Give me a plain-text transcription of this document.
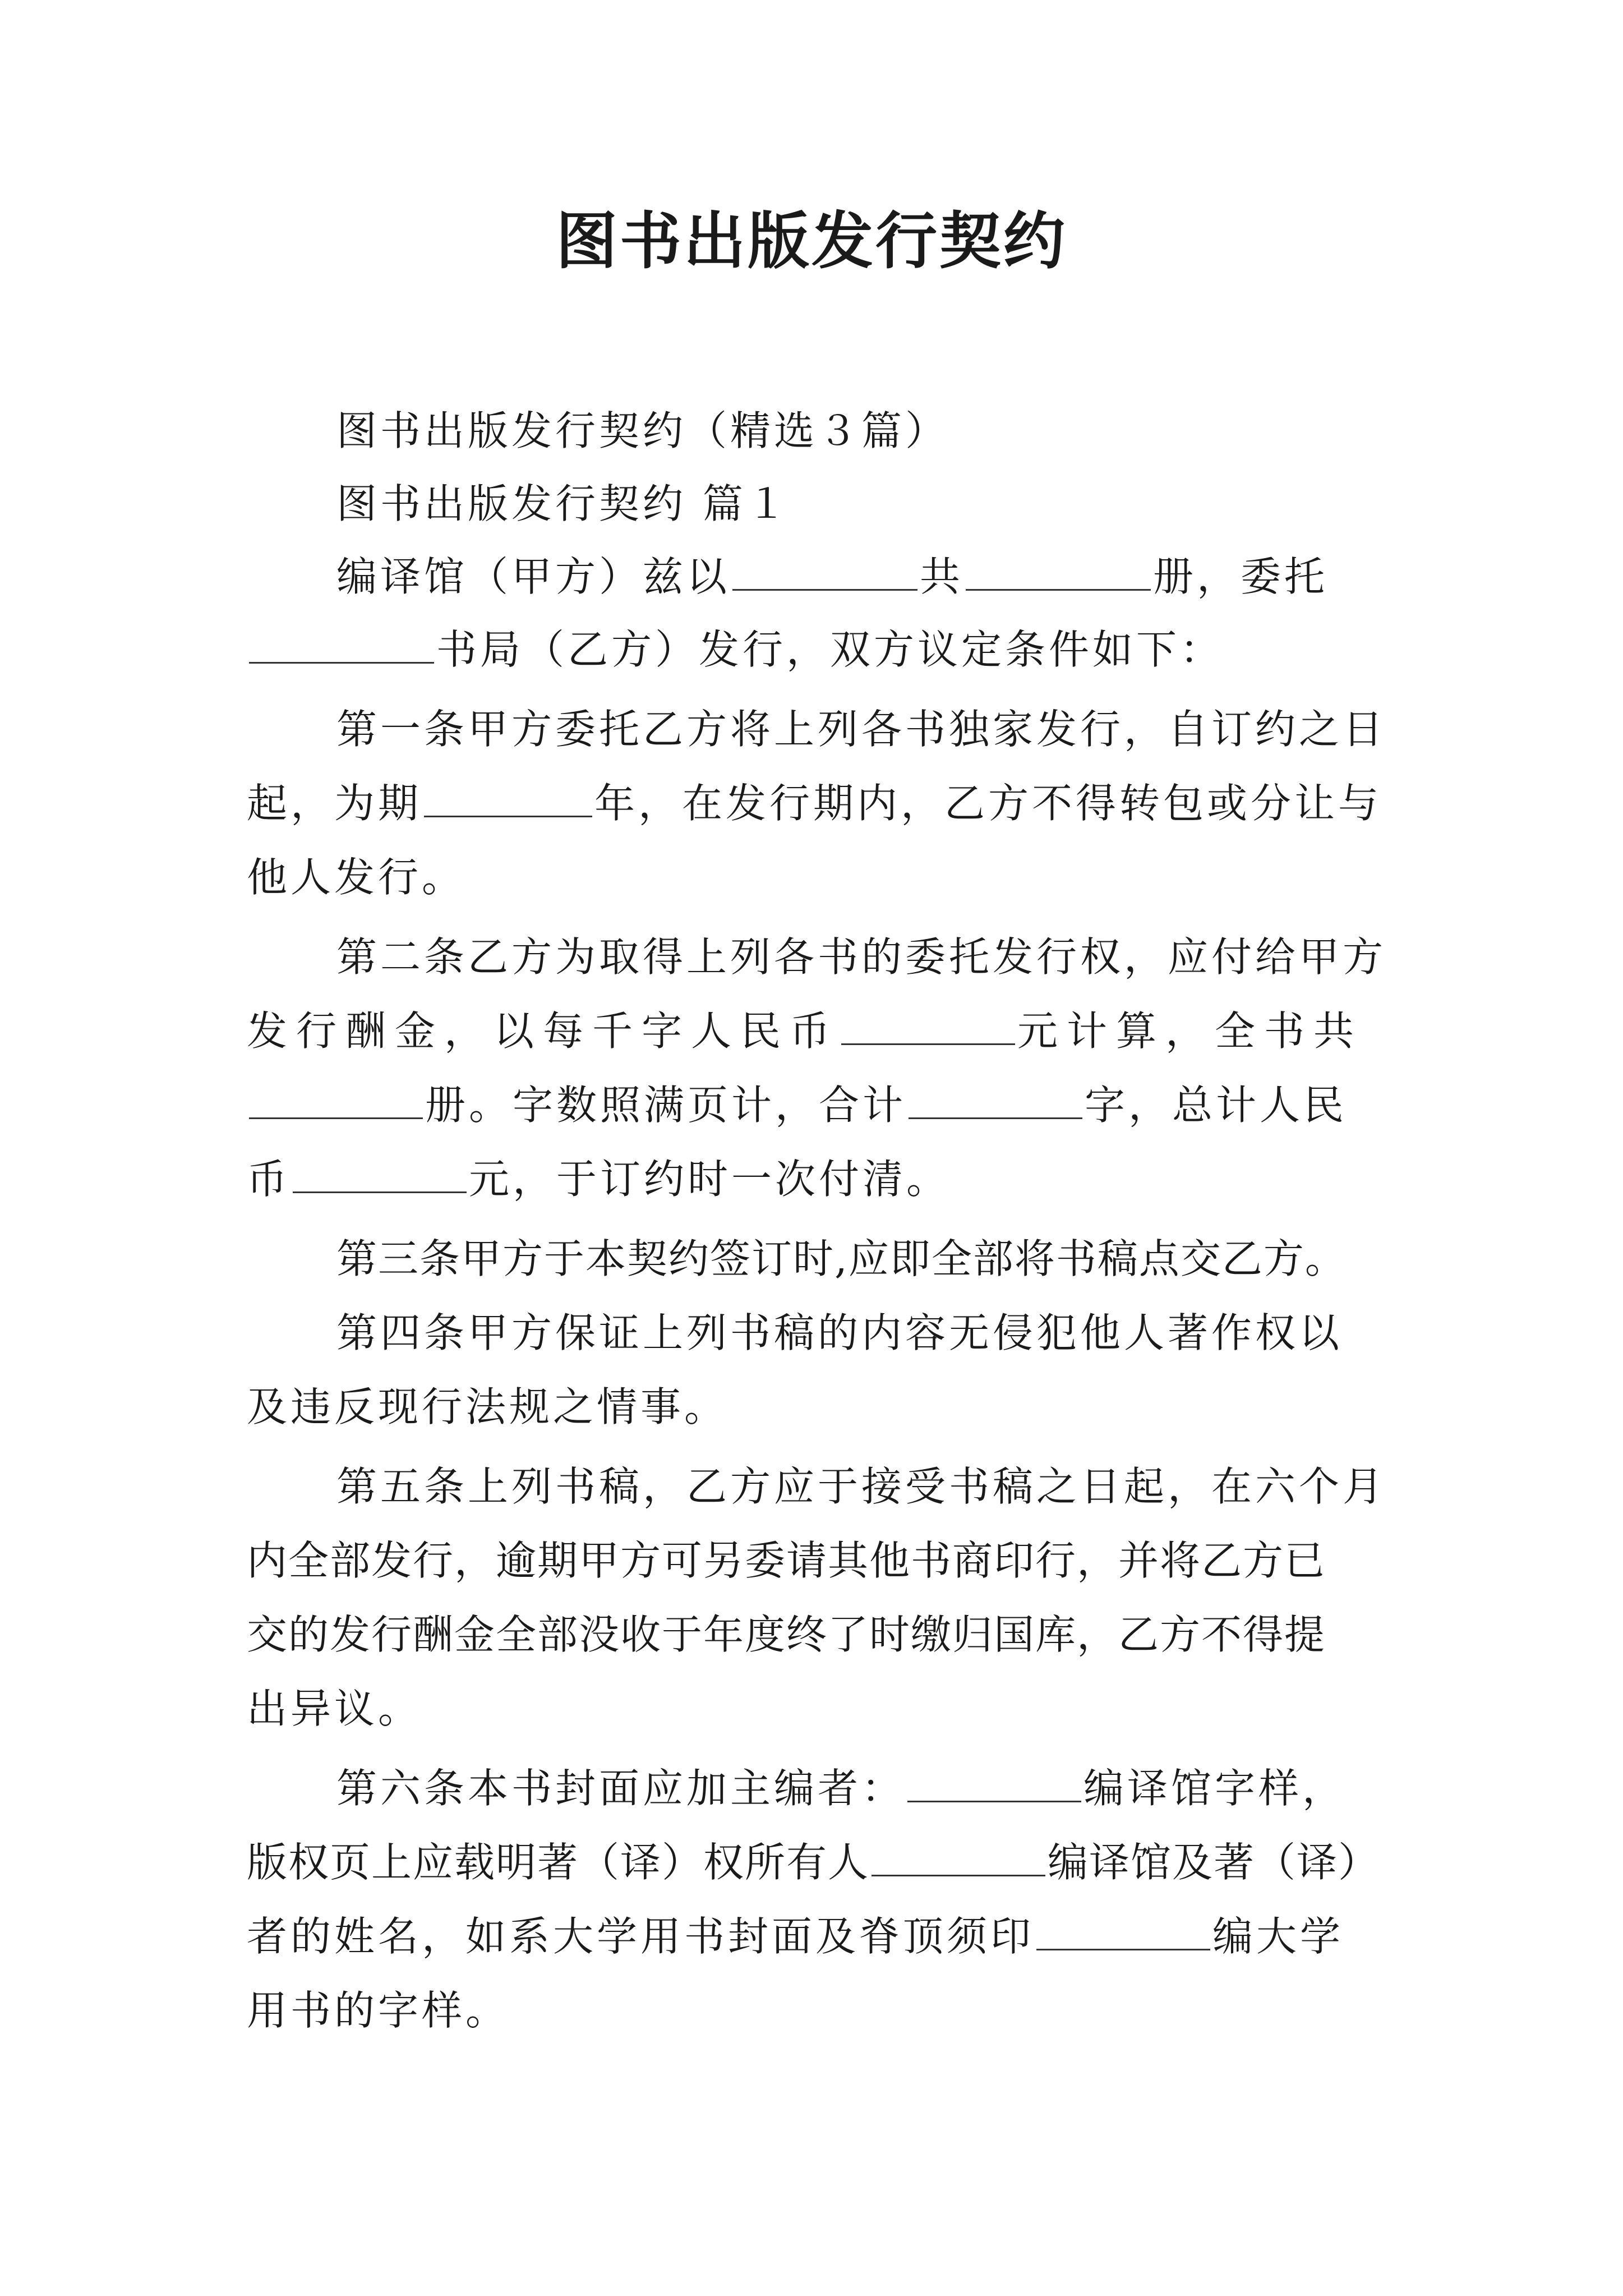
图书出版发行契约
图书出版发行契约（精选３篇）
图书出版发行契约 篇１
编译馆（甲方）兹以	共	册，委托
书局（乙方）发行，双方议定条件如下：
第一条甲方委托乙方将上列各书独家发行，自订约之日
起，为期	年，在发行期内，乙方不得转包或分让与
他人发行。
第二条乙方为取得上列各书的委托发行权，应付给甲方
发行酬金，以每千字人民币	元计算，全书共
册。字数照满页计，合计	字，总计人民
币	元，于订约时一次付清。
第三条甲方于本契约签订时,应即全部将书稿点交乙方。
第四条甲方保证上列书稿的内容无侵犯他人著作权以
及违反现行法规之情事。
第五条上列书稿，乙方应于接受书稿之日起，在六个月
内全部发行，逾期甲方可另委请其他书商印行，并将乙方已
交的发行酬金全部没收于年度终了时缴归国库，乙方不得提
出异议。
第六条本书封面应加主编者：	编译馆字样，
版权页上应载明著（译）权所有人	编译馆及著（译）
者的姓名，如系大学用书封面及脊顶须印	编大学
用书的字样。
